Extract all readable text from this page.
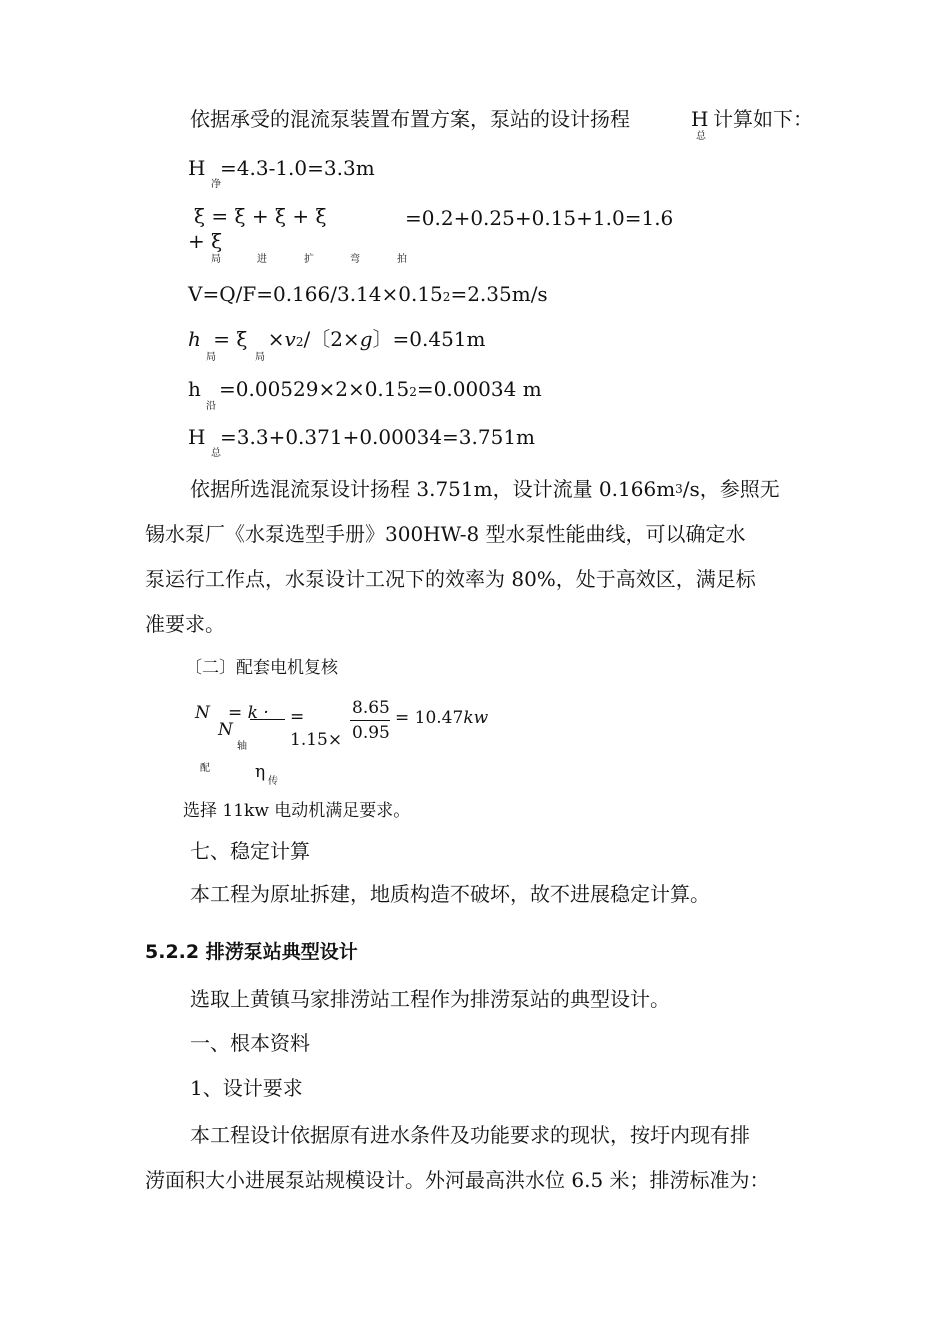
依据承受的混流泵装置布置方案，泵站的设计扬程	H
总
计算如下：
H
净
=4.3-1.0=3.3m
ξ = ξ + ξ + ξ	=0.2+0.25+0.15+1.0=1.6
+ ξ
局	进	扩	弯	拍
V=Q/F=0.166/3.14×0.152=2.35m/s
h = ξ ×v2/〔2×g〕=0.451m
局	局
h
沿
=0.00529×2×0.152=0.00034 m
H
总
=3.3+0.371+0.00034=3.751m
依据所选混流泵设计扬程 3.751m，设计流量 $0.166m^3/s$，参照无
锡水泵厂《水泵选型手册》300HW-8 型水泵性能曲线，可以确定水
泵运行工作点，水泵设计工况下的效率为 80%，处于高效区，满足标
准要求。
〔二〕配套电机复核
N
配
= k ·
N
轴
η 传
=
1.15×
8.65
0.95
= 10.47kw
选择 11kw 电动机满足要求。
七、稳定计算
本工程为原址拆建，地质构造不破坏，故不进展稳定计算。
5.2.2 排涝泵站典型设计
选取上黄镇马家排涝站工程作为排涝泵站的典型设计。
一、根本资料
1、设计要求
本工程设计依据原有进水条件及功能要求的现状，按圩内现有排
涝面积大小进展泵站规模设计。外河最高洪水位 6.5 米；排涝标准为：
